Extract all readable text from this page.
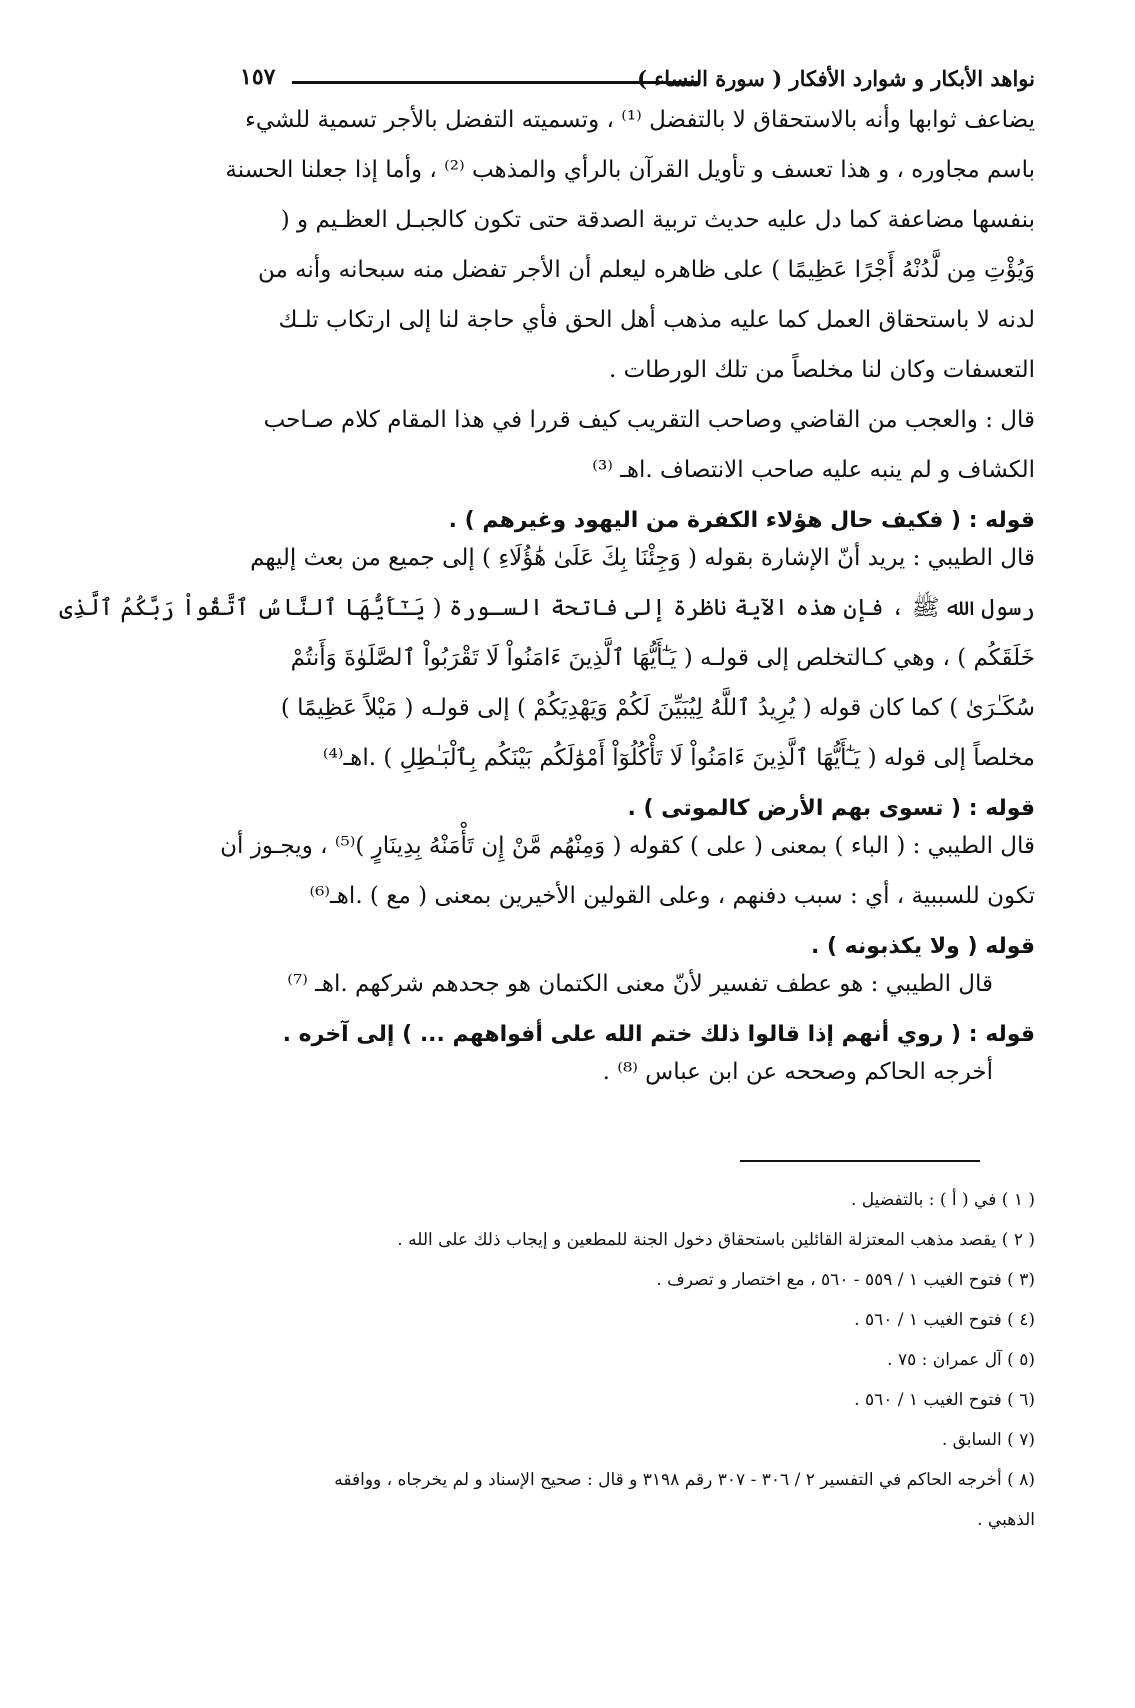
نواهد الأبكار و شوارد الأفكار ( سورة النساء )
١٥٧

يضاعف ثوابها وأنه بالاستحقاق لا بالتفضل ⁽¹⁾ ، وتسميته التفضل بالأجر تسمية للشيء

باسم مجاوره ، و هذا تعسف و تأويل القرآن بالرأي والمذهب ⁽²⁾ ، وأما إذا جعلنا الحسنة

بنفسها مضاعفة كما دل عليه حديث تربية الصدقة حتى تكون كالجبـل العظـيم و (

وَيُؤْتِ مِن لَّدُنْهُ أَجْرًا عَظِيمًا ) على ظاهره ليعلم أن الأجر تفضل منه سبحانه وأنه من

لدنه لا باستحقاق العمل كما عليه مذهب أهل الحق فأي حاجة لنا إلى ارتكاب تلـك

التعسفات وكان لنا مخلصاً من تلك الورطات .

قال : والعجب من القاضي وصاحب التقريب كيف قررا في هذا المقام كلام صـاحب

الكشاف و لم ينبه عليه صاحب الانتصاف .اهـ ⁽³⁾

قوله : ( فكيف حال هؤلاء الكفرة من اليهود وغيرهم ) .

قال الطيبي : يريد أنّ الإشارة بقوله ( وَجِئْنَا بِكَ عَلَىٰ هَٰؤُلَاءِ ) إلى جميع من بعث إليهم

رسول الله ﷺ ، فإن هذه الآية ناظرة إلى فاتحة السـورة ( يَـٰٓأَيُّهَا ٱلنَّاسُ ٱتَّقُواْ رَبَّكُمُ ٱلَّذِى

خَلَقَكُم ) ، وهي كـالتخلص إلى قولـه ( يَـٰٓأَيُّهَا ٱلَّذِينَ ءَامَنُواْ لَا تَقْرَبُواْ ٱلصَّلَوٰةَ وَأَنتُمْ

سُكَـٰرَىٰ ) كما كان قوله ( يُرِيدُ ٱللَّهُ لِيُبَيِّنَ لَكُمْ وَيَهْدِيَكُمْ ) إلى قولـه ( مَيْلاً عَظِيمًا )

مخلصاً إلى قوله ( يَـٰٓأَيُّهَا ٱلَّذِينَ ءَامَنُواْ لَا تَأْكُلُوٓاْ أَمْوَٰلَكُم بَيْنَكُم بِٱلْبَـٰطِلِ ) .اهـ⁽⁴⁾

قوله : ( تسوى بهم الأرض كالموتى ) .

قال الطيبي : ( الباء ) بمعنى ( على ) كقوله ( وَمِنْهُم مَّنْ إِن تَأْمَنْهُ بِدِينَارٍ )⁽⁵⁾ ، ويجـوز أن

تكون للسببية ، أي : سبب دفنهم ، وعلى القولين الأخيرين بمعنى ( مع ) .اهـ⁽⁶⁾

قوله ( ولا يكذبونه ) .

قال الطيبي : هو عطف تفسير لأنّ معنى الكتمان هو جحدهم شركهم .اهـ ⁽⁷⁾

قوله : ( روي أنهم إذا قالوا ذلك ختم الله على أفواههم ... ) إلى آخره .

أخرجه الحاكم وصححه عن ابن عباس ⁽⁸⁾ .

( ١ ) في ( أ ) : بالتفضيل .
( ٢ ) يقصد مذهب المعتزلة القائلين باستحقاق دخول الجنة للمطعين و إيجاب ذلك على الله .
(٣ ) فتوح الغيب ١ / ٥٥٩ - ٥٦٠ ، مع اختصار و تصرف .
(٤ ) فتوح الغيب ١ / ٥٦٠ .
(٥ ) آل عمران : ٧٥ .
(٦ ) فتوح الغيب ١ / ٥٦٠ .
(٧ ) السابق .
(٨ ) أخرجه الحاكم في التفسير ٢ / ٣٠٦ - ٣٠٧ رقم ٣١٩٨ و قال : صحيح الإسناد و لم يخرجاه ، ووافقه
الذهبي .
